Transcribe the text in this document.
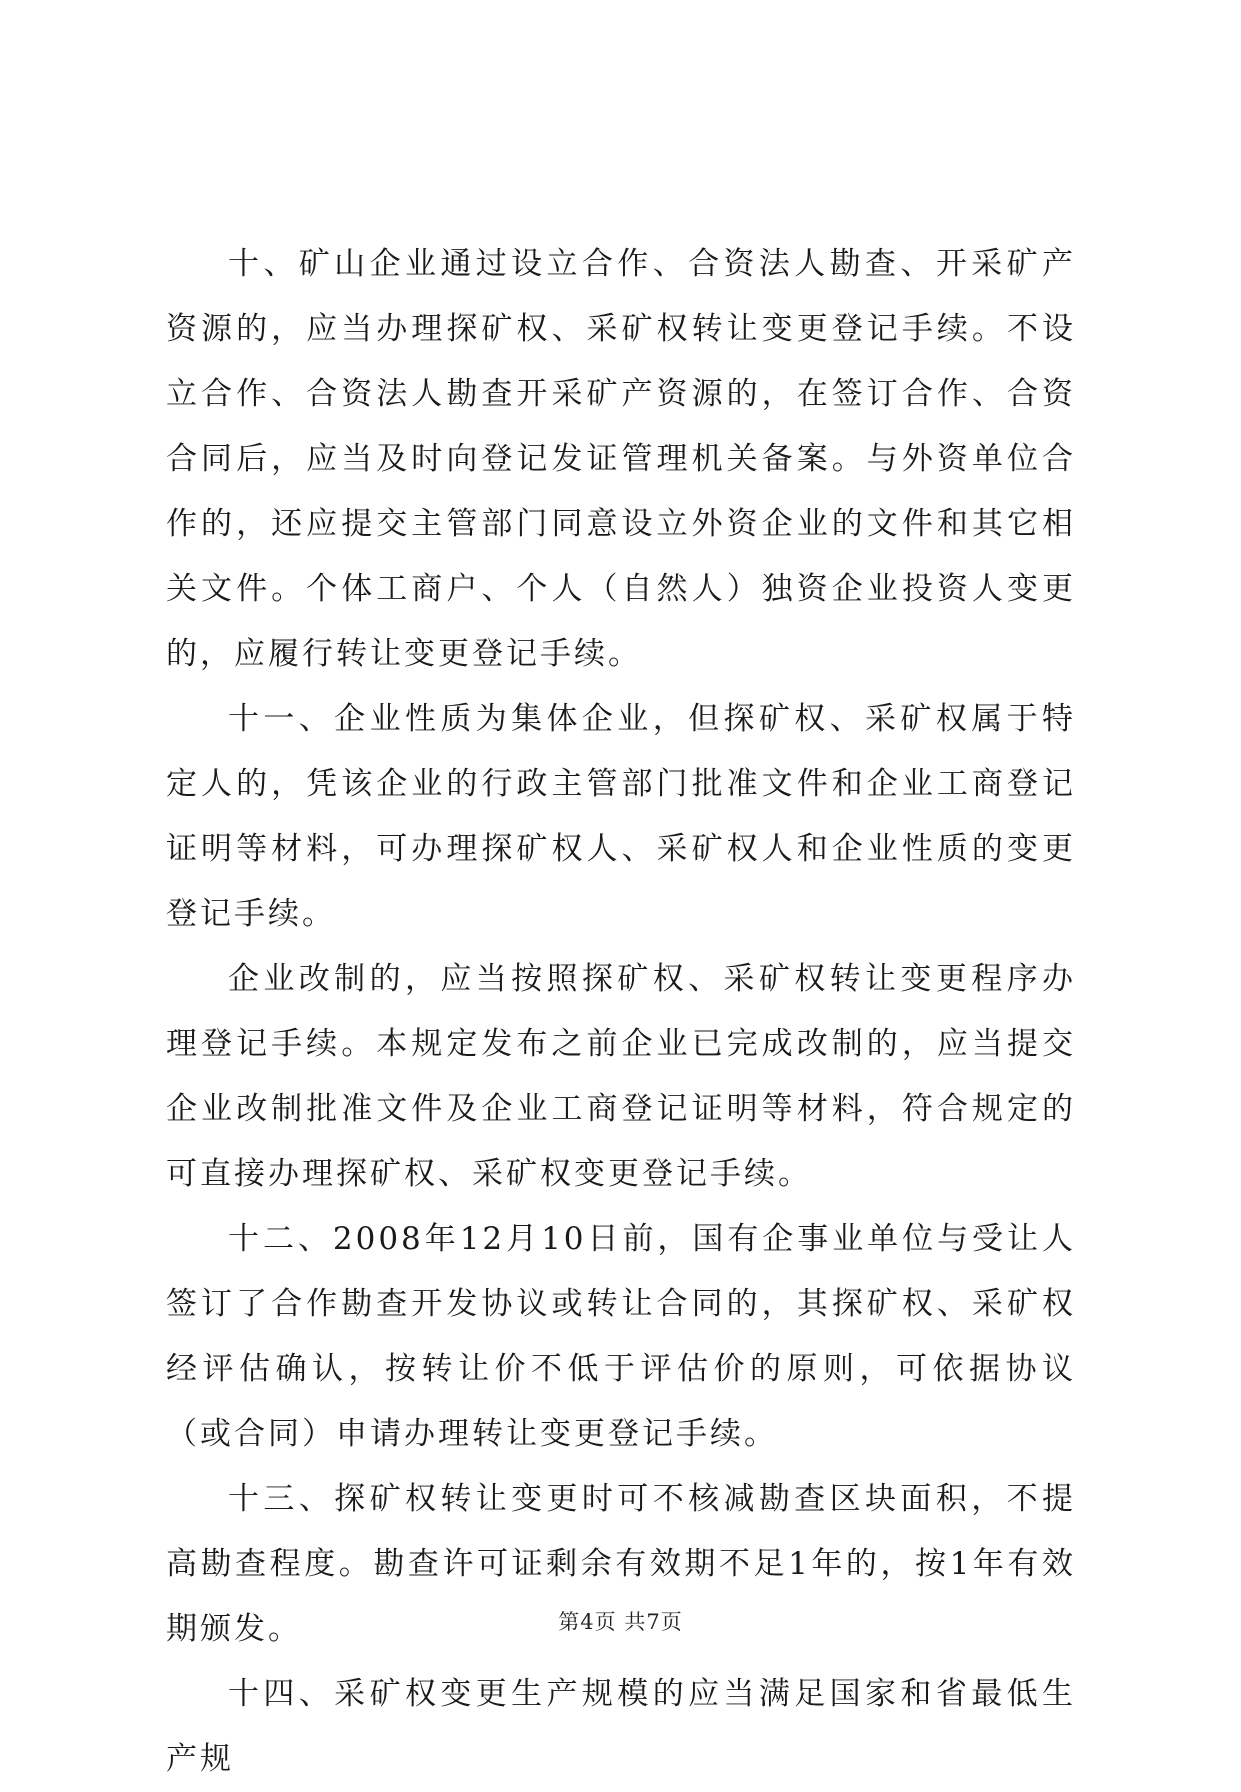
十、矿山企业通过设立合作、合资法人勘查、开采矿产资源的，应当办理探矿权、采矿权转让变更登记手续。不设立合作、合资法人勘查开采矿产资源的，在签订合作、合资合同后，应当及时向登记发证管理机关备案。与外资单位合作的，还应提交主管部门同意设立外资企业的文件和其它相关文件。个体工商户、个人（自然人）独资企业投资人变更的，应履行转让变更登记手续。

十一、企业性质为集体企业，但探矿权、采矿权属于特定人的，凭该企业的行政主管部门批准文件和企业工商登记证明等材料，可办理探矿权人、采矿权人和企业性质的变更登记手续。

企业改制的，应当按照探矿权、采矿权转让变更程序办理登记手续。本规定发布之前企业已完成改制的，应当提交企业改制批准文件及企业工商登记证明等材料，符合规定的可直接办理探矿权、采矿权变更登记手续。

十二、2008年12月10日前，国有企事业单位与受让人签订了合作勘查开发协议或转让合同的，其探矿权、采矿权经评估确认，按转让价不低于评估价的原则，可依据协议（或合同）申请办理转让变更登记手续。

十三、探矿权转让变更时可不核减勘查区块面积，不提高勘查程度。勘查许可证剩余有效期不足1年的，按1年有效期颁发。

十四、采矿权变更生产规模的应当满足国家和省最低生产规

第4页 共7页
